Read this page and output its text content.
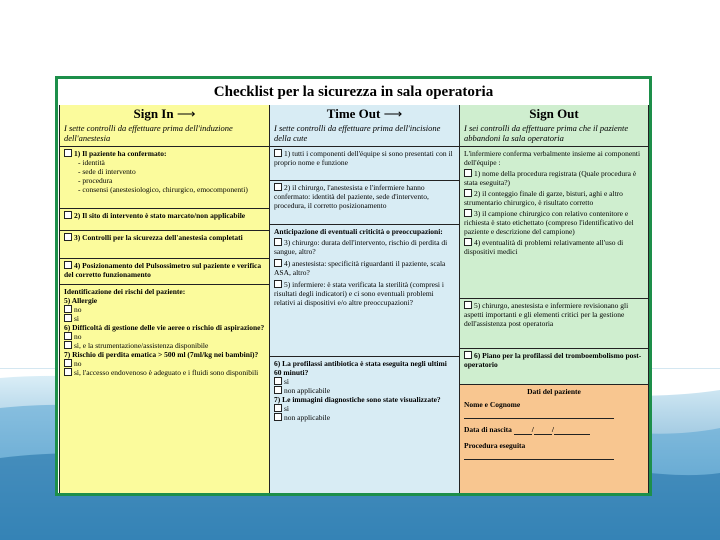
Checklist per la sicurezza in sala operatoria
Sign In ⟶
I sette controlli da effettuare prima dell'induzione dell'anestesia
1) Il paziente ha confermato:
- identità
- sede di intervento
- procedura
- consensi (anestesiologico, chirurgico, emocomponenti)
2) Il sito di intervento è stato marcato/non applicabile
3) Controlli per la sicurezza dell'anestesia completati
4) Posizionamento del Pulsossimetro sul paziente e verifica del corretto funzionamento
Identificazione dei rischi del paziente:
5) Allergie
no
sì
6) Difficoltà di gestione delle vie aeree o rischio di aspirazione?
no
sì, e la strumentazione/assistenza disponibile
7) Rischio di perdita ematica > 500 ml (7ml/kg nei bambini)?
no
sì, l'accesso endovenoso è adeguato e i fluidi sono disponibili
Time Out ⟶
I sette controlli da effettuare prima dell'incisione della cute
1) tutti i componenti dell'équipe si sono presentati con il proprio nome e funzione
2) il chirurgo, l'anestesista e l'infermiere hanno confermato: identità del paziente, sede d'intervento, procedura, il corretto posizionamento
Anticipazione di eventuali criticità o preoccupazioni:
3) chirurgo: durata dell'intervento, rischio di perdita di sangue, altro?
4) anestesista: specificità riguardanti il paziente, scala ASA, altro?
5) infermiere: è stata verificata la sterilità (compresi i risultati degli indicatori) e ci sono eventuali problemi relativi ai dispositivi e/o altre preoccupazioni?
6) La profilassi antibiotica è stata eseguita negli ultimi 60 minuti?
sì
non applicabile
7) Le immagini diagnostiche sono state visualizzate?
sì
non applicabile
Sign Out
I sei controlli da effettuare prima che il paziente abbandoni la sala operatoria
L'infermiere conferma verbalmente insieme ai componenti dell'équipe :
1) nome della procedura registrata (Quale procedura è stata eseguita?)
2) il conteggio finale di garze, bisturi, aghi e altro strumentario chirurgico, è risultato corretto
3) il campione chirurgico con relativo contenitore e richiesta è stato etichettato (compreso l'identificativo del paziente e descrizione del campione)
4) eventualità di problemi relativamente all'uso di dispositivi medici
5) chirurgo, anestesista e infermiere revisionano gli aspetti importanti e gli elementi critici per la gestione dell'assistenza post operatoria
6) Piano per la profilassi del tromboembolismo post-operatorio
Dati del paziente
Nome e Cognome

Data di nascita	/ /
Procedura eseguita
